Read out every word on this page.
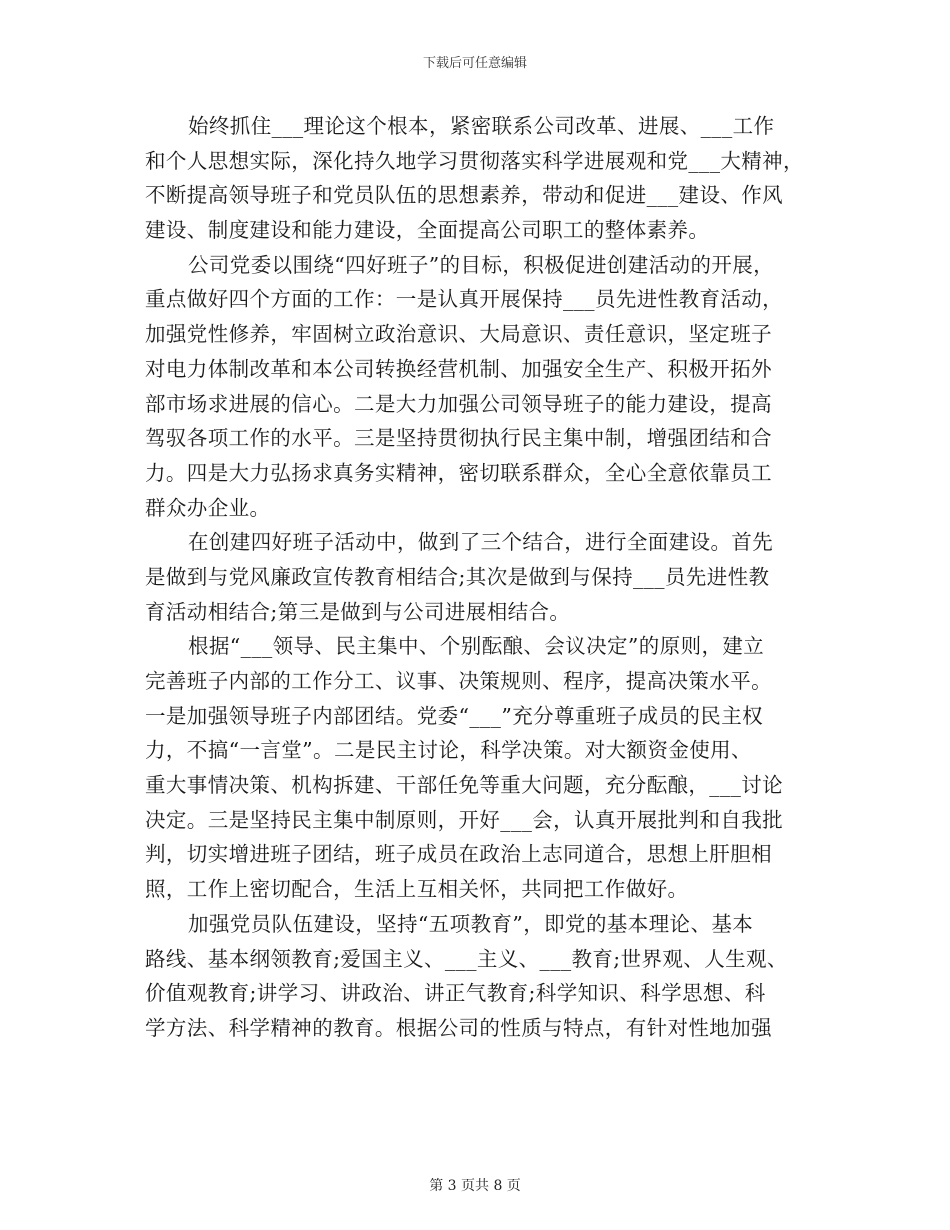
下载后可任意编辑
始终抓住___理论这个根本，紧密联系公司改革、进展、___工作
和个人思想实际，深化持久地学习贯彻落实科学进展观和党___大精神，
不断提高领导班子和党员队伍的思想素养，带动和促进___建设、作风
建设、制度建设和能力建设，全面提高公司职工的整体素养。
公司党委以围绕“四好班子”的目标，积极促进创建活动的开展，
重点做好四个方面的工作：一是认真开展保持___员先进性教育活动，
加强党性修养，牢固树立政治意识、大局意识、责任意识，坚定班子
对电力体制改革和本公司转换经营机制、加强安全生产、积极开拓外
部市场求进展的信心。二是大力加强公司领导班子的能力建设，提高
驾驭各项工作的水平。三是坚持贯彻执行民主集中制，增强团结和合
力。四是大力弘扬求真务实精神，密切联系群众，全心全意依靠员工
群众办企业。
在创建四好班子活动中，做到了三个结合，进行全面建设。首先
是做到与党风廉政宣传教育相结合;其次是做到与保持___员先进性教
育活动相结合;第三是做到与公司进展相结合。
根据“___领导、民主集中、个别酝酿、会议决定”的原则，建立
完善班子内部的工作分工、议事、决策规则、程序，提高决策水平。
一是加强领导班子内部团结。党委“___”充分尊重班子成员的民主权
力，不搞“一言堂”。二是民主讨论，科学决策。对大额资金使用、
重大事情决策、机构拆建、干部任免等重大问题，充分酝酿，___讨论
决定。三是坚持民主集中制原则，开好___会，认真开展批判和自我批
判，切实增进班子团结，班子成员在政治上志同道合，思想上肝胆相
照，工作上密切配合，生活上互相关怀，共同把工作做好。
加强党员队伍建设，坚持“五项教育”，即党的基本理论、基本
路线、基本纲领教育;爱国主义、___主义、___教育;世界观、人生观、
价值观教育;讲学习、讲政治、讲正气教育;科学知识、科学思想、科
学方法、科学精神的教育。根据公司的性质与特点，有针对性地加强
第 3 页共 8 页
